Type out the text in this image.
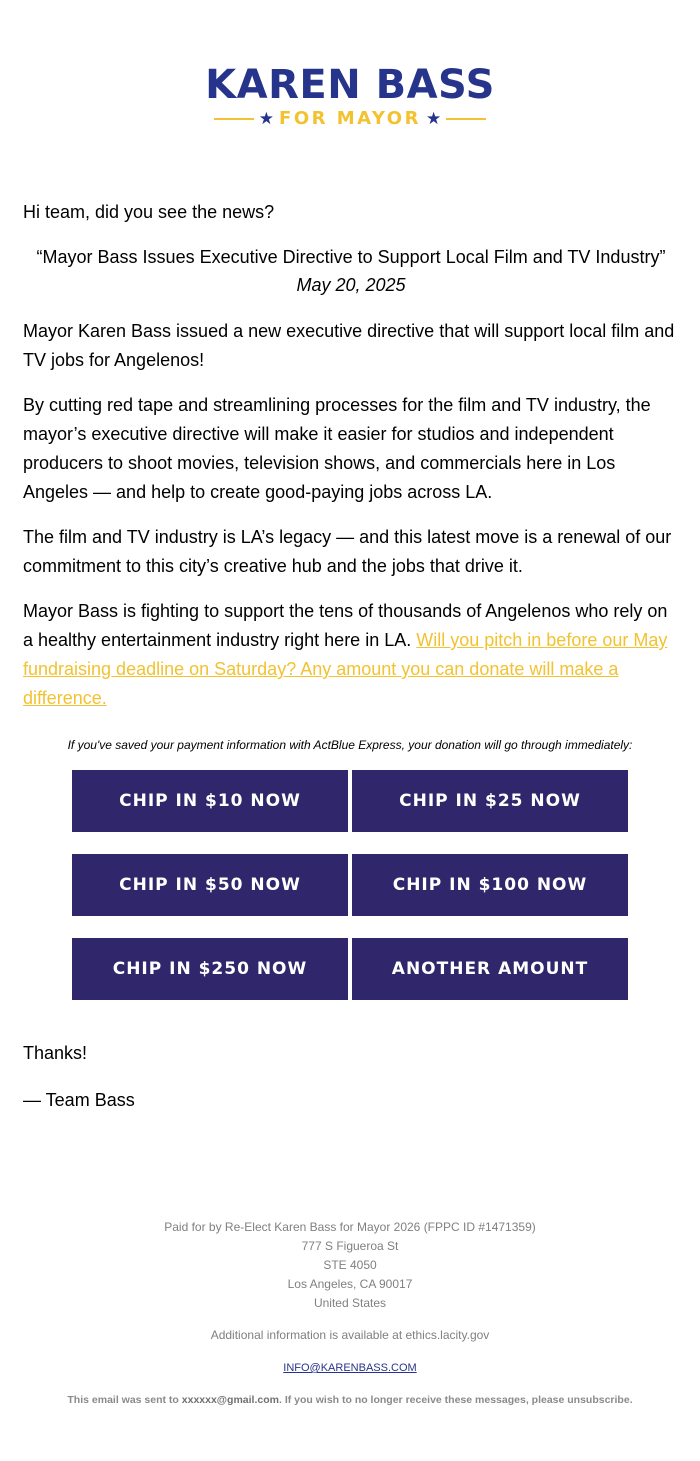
KAREN BASS
★ FOR MAYOR ★
Hi team, did you see the news?
“Mayor Bass Issues Executive Directive to Support Local Film and TV Industry”
May 20, 2025
Mayor Karen Bass issued a new executive directive that will support local film and TV jobs for Angelenos!
By cutting red tape and streamlining processes for the film and TV industry, the mayor’s executive directive will make it easier for studios and independent producers to shoot movies, television shows, and commercials here in Los Angeles — and help to create good-paying jobs across LA.
The film and TV industry is LA’s legacy — and this latest move is a renewal of our commitment to this city’s creative hub and the jobs that drive it.
Mayor Bass is fighting to support the tens of thousands of Angelenos who rely on a healthy entertainment industry right here in LA. Will you pitch in before our May fundraising deadline on Saturday? Any amount you can donate will make a difference.
If you've saved your payment information with ActBlue Express, your donation will go through immediately:
CHIP IN $10 NOW	CHIP IN $25 NOW
CHIP IN $50 NOW	CHIP IN $100 NOW
CHIP IN $250 NOW	ANOTHER AMOUNT
Thanks!
— Team Bass
Paid for by Re-Elect Karen Bass for Mayor 2026 (FPPC ID #1471359)
777 S Figueroa St
STE 4050
Los Angeles, CA 90017
United States
Additional information is available at ethics.lacity.gov
INFO@KARENBASS.COM
This email was sent to xxxxxx@gmail.com. If you wish to no longer receive these messages, please unsubscribe.
